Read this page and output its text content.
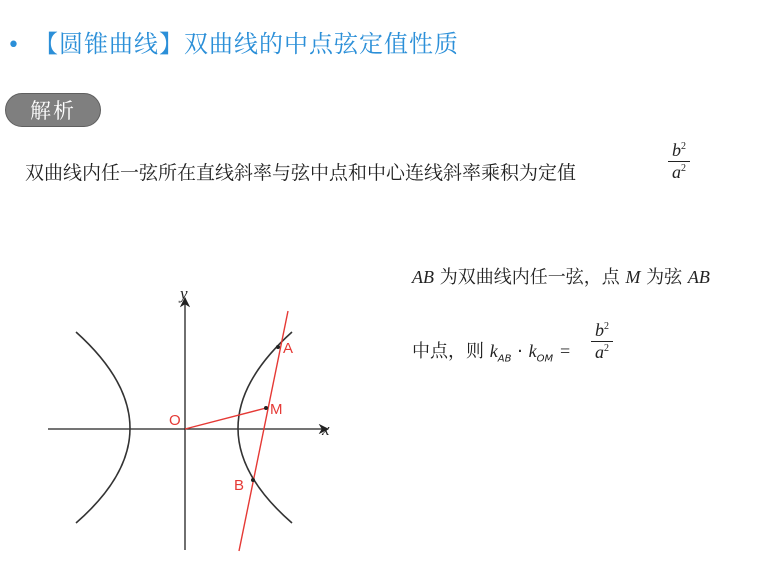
• 【圆锥曲线】双曲线的中点弦定值性质
解析
双曲线内任一弦所在直线斜率与弦中点和中心连线斜率乘积为定值
$b^2$
$a^2$
AB 为双曲线内任一弦，点 M 为弦 AB
中点，则 $k_{AB} \cdot k_{OM}$ =
$b^2$
$a^2$
x
y
O
M
A
B
